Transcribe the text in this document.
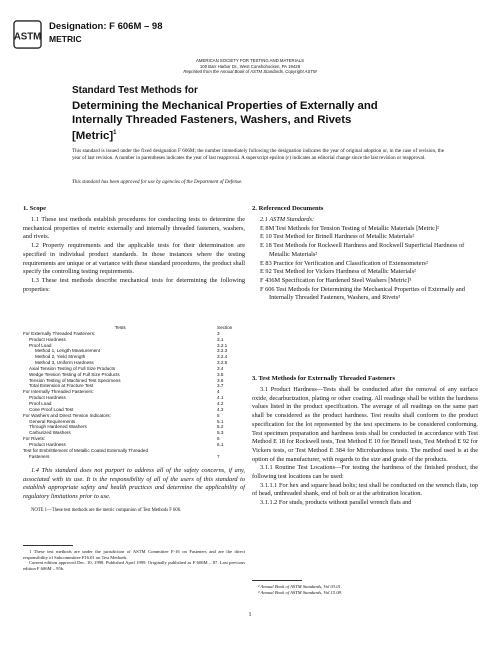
ASTM
Designation: F 606M – 98
METRIC
AMERICAN SOCIETY FOR TESTING AND MATERIALS
100 Barr Harbor Dr., West Conshohocken, PA 19428
Reprinted from the Annual Book of ASTM Standards. Copyright ASTM
Standard Test Methods for
Determining the Mechanical Properties of Externally and
Internally Threaded Fasteners, Washers, and Rivets
[Metric]$^1$
This standard is issued under the fixed designation F 606M; the number immediately following the designation indicates the year of original adoption or, in the case of revision, the year of last revision. A number in parentheses indicates the year of last reapproval. A superscript epsilon (ε) indicates an editorial change since the last revision or reapproval.
This standard has been approved for use by agencies of the Department of Defense.
1. Scope
1.1 These test methods establish procedures for conducting tests to determine the mechanical properties of metric externally and internally threaded fasteners, washers, and rivets.
1.2 Property requirements and the applicable tests for their determination are specified in individual product standards. In those instances where the testing requirements are unique or at variance with these standard procedures, the product shall specify the controlling testing requirements.
1.3 These test methods describe mechanical tests for determining the following properties:
Tests	Section
For Externally Threaded Fasteners:	3
Product Hardness	3.1
Proof Load	3.2.1
Method 1, Length Measurement	3.2.3
Method 2, Yield Strength	3.2.4
Method 3, Uniform Hardness	3.2.5
Axial Tension Testing of Full Size Products	3.4
Wedge Tension Testing of Full Size Products	3.5
Tension Testing of Machined Test Specimens	3.6
Total Extension at Fracture Test	3.7
For Internally Threaded Fasteners:	4
Product Hardness	4.1
Proof Load	4.2
Cone Proof Load Test	4.3
For Washers and Direct Tension Indicators:	5
General Requirements	5.1
Through Hardened Washers	5.2
Carburized Washers	5.3
For Rivets:	6
Product Hardness	6.1
Test for Embrittlement of Metallic Coated Externally Threaded
Fasteners	7
1.4 This standard does not purport to address all of the safety concerns, if any, associated with its use. It is the responsibility of all of the users of this standard to establish appropriate safety and health practices and determine the applicability of regulatory limitations prior to use.
NOTE 1—These test methods are the metric companion of Test Methods F 606.
1 These test methods are under the jurisdiction of ASTM Committee F-16 on Fasteners and are the direct responsibility of Subcommittee F16.01 on Test Methods.
Current edition approved Dec. 10, 1998. Published April 1999. Originally published as F 606M – 87. Last previous edition F 606M – 95b.
2. Referenced Documents
2.1 ASTM Standards:
E 8M Test Methods for Tension Testing of Metallic Materials [Metric]²
E 10 Test Method for Brinell Hardness of Metallic Materials²
E 18 Test Methods for Rockwell Hardness and Rockwell Superficial Hardness of Metallic Materials²
E 83 Practice for Verification and Classification of Extensometers²
E 92 Test Method for Vickers Hardness of Metallic Materials²
F 436M Specification for Hardened Steel Washers [Metric]³
F 606 Test Methods for Determining the Mechanical Properties of Externally and Internally Threaded Fasteners, Washers, and Rivets³
3. Test Methods for Externally Threaded Fasteners
3.1 Product Hardness—Tests shall be conducted after the removal of any surface oxide, decarburization, plating or other coating. All readings shall be within the hardness values listed in the product specification. The average of all readings on the same part shall be considered as the product hardness. Test results shall conform to the product specification for the lot represented by the test specimens to be considered conforming. Test specimen preparation and hardness tests shall be conducted in accordance with Test Method E 18 for Rockwell tests, Test Method E 10 for Brinell tests, Test Method E 92 for Vickers tests, or Test Method E 384 for Microhardness tests. The method used is at the option of the manufacturer, with regards to the size and grade of the products.
3.1.1 Routine Test Locations—For testing the hardness of the finished product, the following test locations can be used:
3.1.1.1 For hex and square head bolts; test shall be conducted on the wrench flats, top of head, unthreaded shank, end of bolt or at the arbitration location.
3.1.1.2 For studs, products without parallel wrench flats and
² Annual Book of ASTM Standards, Vol 03.01.
³ Annual Book of ASTM Standards, Vol 15.08.
1
